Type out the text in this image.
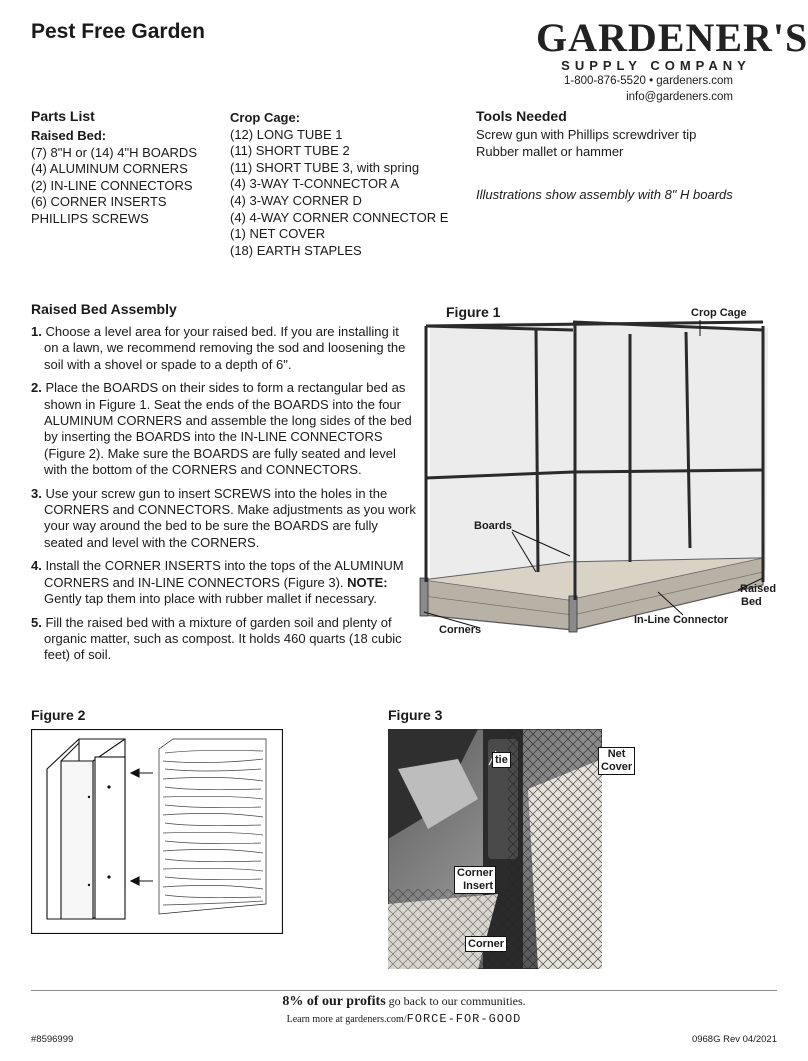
Pest Free Garden	GARDENER'S
SUPPLY COMPANY
1-800-876-5520 • gardeners.com
info@gardeners.com
Parts List
Raised Bed:
(7) 8"H or (14) 4"H BOARDS
(4) ALUMINUM CORNERS
(2) IN-LINE CONNECTORS
(6) CORNER INSERTS
PHILLIPS SCREWS
Crop Cage:
(12) LONG TUBE 1
(11) SHORT TUBE 2
(11) SHORT TUBE 3, with spring
(4) 3-WAY T-CONNECTOR A
(4) 3-WAY CORNER D
(4) 4-WAY CORNER CONNECTOR E
(1) NET COVER
(18) EARTH STAPLES
Tools Needed
Screw gun with Phillips screwdriver tip
Rubber mallet or hammer
Illustrations show assembly with 8" H boards
Raised Bed Assembly
1. Choose a level area for your raised bed. If you are installing it on a lawn, we recommend removing the sod and loosening the soil with a shovel or spade to a depth of 6".
2. Place the BOARDS on their sides to form a rectangular bed as shown in Figure 1. Seat the ends of the BOARDS into the four ALUMINUM CORNERS and assemble the long sides of the bed by inserting the BOARDS into the IN-LINE CONNECTORS (Figure 2). Make sure the BOARDS are fully seated and level with the bottom of the CORNERS and CONNECTORS.
3. Use your screw gun to insert SCREWS into the holes in the CORNERS and CONNECTORS. Make adjustments as you work your way around the bed to be sure the BOARDS are fully seated and level with the CORNERS.
4. Install the CORNER INSERTS into the tops of the ALUMINUM CORNERS and IN-LINE CONNECTORS (Figure 3). NOTE: Gently tap them into place with rubber mallet if necessary.
5. Fill the raised bed with a mixture of garden soil and plenty of organic matter, such as compost. It holds 460 quarts (18 cubic feet) of soil.
Figure 1	Crop Cage
Boards
Raised
Bed
In-Line Connector
Corners
Figure 2	Figure 3
tie	Net
Cover
Corner
Insert
Corner
8% of our profits go back to our communities.
Learn more at gardeners.com/FORCE-FOR-GOOD
#8596999	0968G Rev 04/2021
